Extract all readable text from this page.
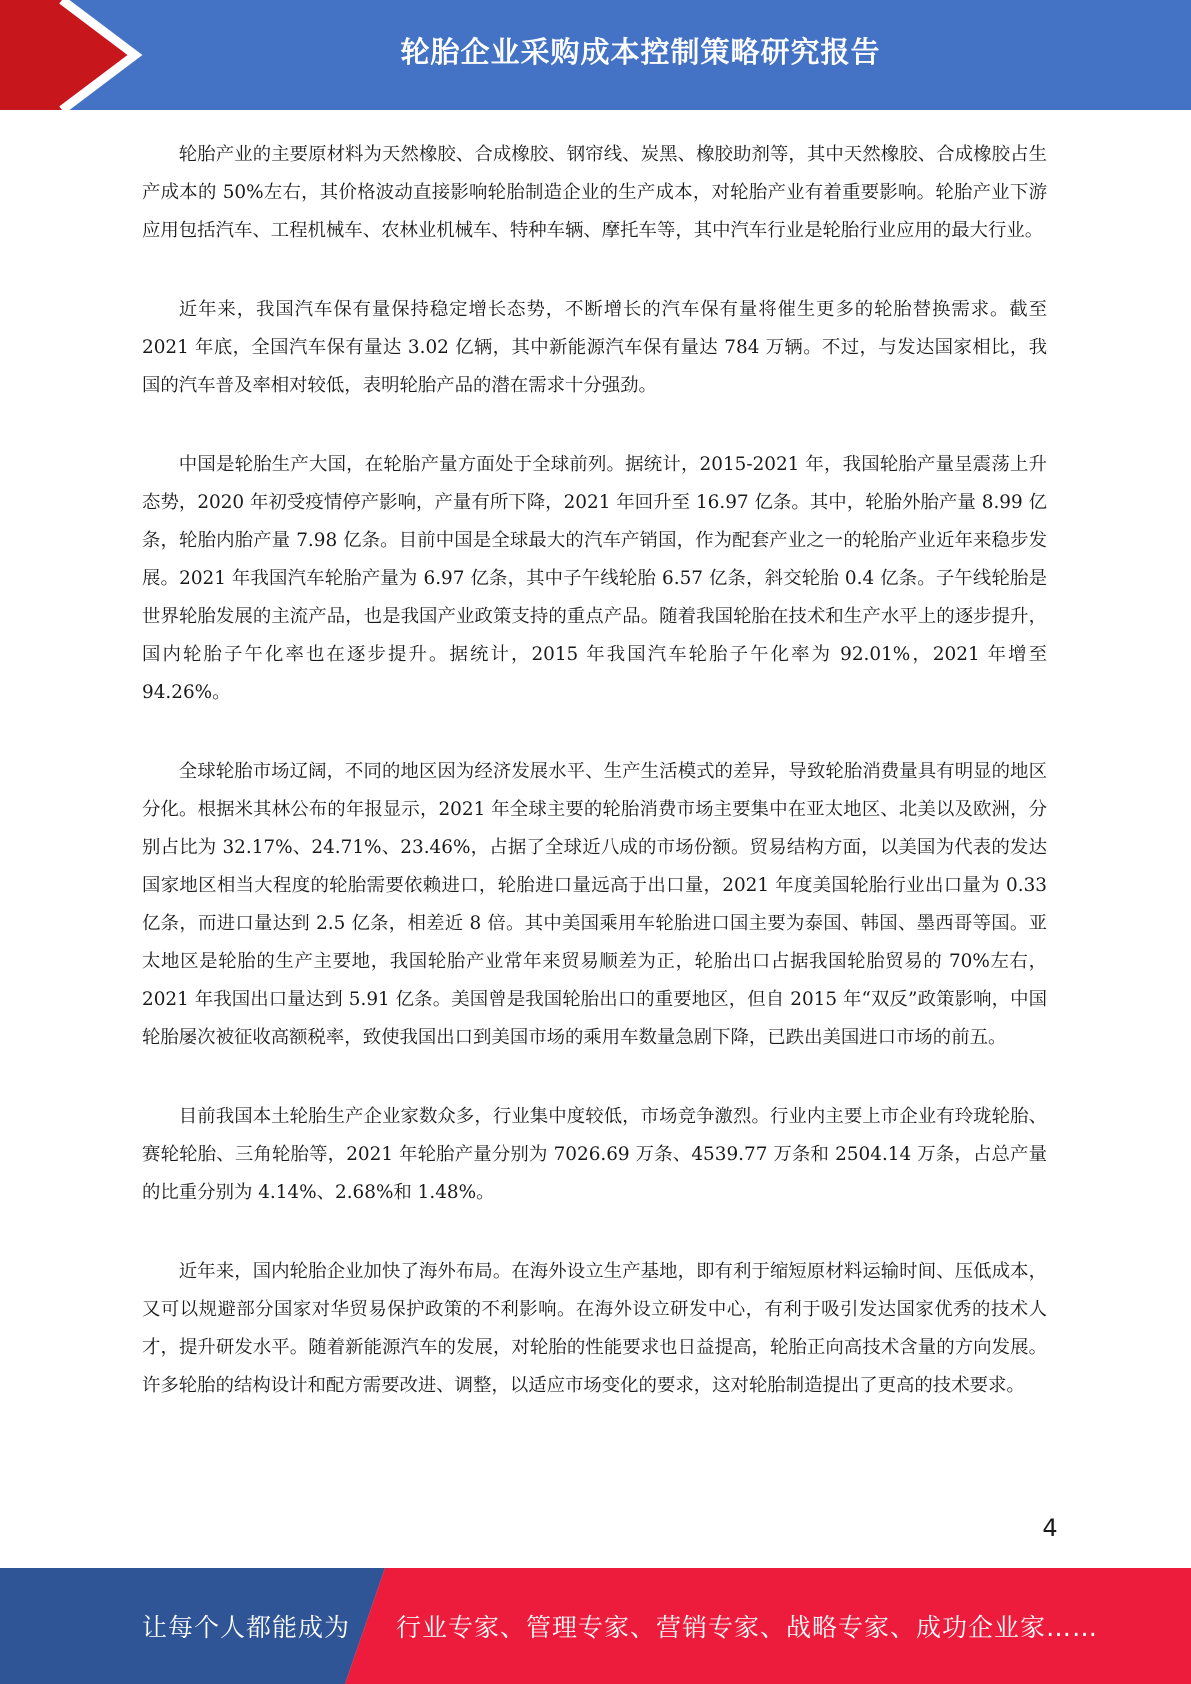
轮胎企业采购成本控制策略研究报告

轮胎产业的主要原材料为天然橡胶、合成橡胶、钢帘线、炭黑、橡胶助剂等，其中天然橡胶、合成橡胶占生产成本的 50%左右，其价格波动直接影响轮胎制造企业的生产成本，对轮胎产业有着重要影响。轮胎产业下游应用包括汽车、工程机械车、农林业机械车、特种车辆、摩托车等，其中汽车行业是轮胎行业应用的最大行业。

近年来，我国汽车保有量保持稳定增长态势，不断增长的汽车保有量将催生更多的轮胎替换需求。截至 2021 年底，全国汽车保有量达 3.02 亿辆，其中新能源汽车保有量达 784 万辆。不过，与发达国家相比，我国的汽车普及率相对较低，表明轮胎产品的潜在需求十分强劲。

中国是轮胎生产大国，在轮胎产量方面处于全球前列。据统计，2015-2021 年，我国轮胎产量呈震荡上升态势，2020 年初受疫情停产影响，产量有所下降，2021 年回升至 16.97 亿条。其中，轮胎外胎产量 8.99 亿条，轮胎内胎产量 7.98 亿条。目前中国是全球最大的汽车产销国，作为配套产业之一的轮胎产业近年来稳步发展。2021 年我国汽车轮胎产量为 6.97 亿条，其中子午线轮胎 6.57 亿条，斜交轮胎 0.4 亿条。子午线轮胎是世界轮胎发展的主流产品，也是我国产业政策支持的重点产品。随着我国轮胎在技术和生产水平上的逐步提升，国内轮胎子午化率也在逐步提升。据统计，2015 年我国汽车轮胎子午化率为 92.01%，2021 年增至 94.26%。

全球轮胎市场辽阔，不同的地区因为经济发展水平、生产生活模式的差异，导致轮胎消费量具有明显的地区分化。根据米其林公布的年报显示，2021 年全球主要的轮胎消费市场主要集中在亚太地区、北美以及欧洲，分别占比为 32.17%、24.71%、23.46%，占据了全球近八成的市场份额。贸易结构方面，以美国为代表的发达国家地区相当大程度的轮胎需要依赖进口，轮胎进口量远高于出口量，2021 年度美国轮胎行业出口量为 0.33 亿条，而进口量达到 2.5 亿条，相差近 8 倍。其中美国乘用车轮胎进口国主要为泰国、韩国、墨西哥等国。亚太地区是轮胎的生产主要地，我国轮胎产业常年来贸易顺差为正，轮胎出口占据我国轮胎贸易的 70%左右，2021 年我国出口量达到 5.91 亿条。美国曾是我国轮胎出口的重要地区，但自 2015 年“双反”政策影响，中国轮胎屡次被征收高额税率，致使我国出口到美国市场的乘用车数量急剧下降，已跌出美国进口市场的前五。

目前我国本土轮胎生产企业家数众多，行业集中度较低，市场竞争激烈。行业内主要上市企业有玲珑轮胎、赛轮轮胎、三角轮胎等，2021 年轮胎产量分别为 7026.69 万条、4539.77 万条和 2504.14 万条，占总产量的比重分别为 4.14%、2.68%和 1.48%。

近年来，国内轮胎企业加快了海外布局。在海外设立生产基地，即有利于缩短原材料运输时间、压低成本，又可以规避部分国家对华贸易保护政策的不利影响。在海外设立研发中心，有利于吸引发达国家优秀的技术人才，提升研发水平。随着新能源汽车的发展，对轮胎的性能要求也日益提高，轮胎正向高技术含量的方向发展。许多轮胎的结构设计和配方需要改进、调整，以适应市场变化的要求，这对轮胎制造提出了更高的技术要求。

4
让每个人都能成为	行业专家、管理专家、营销专家、战略专家、成功企业家……
